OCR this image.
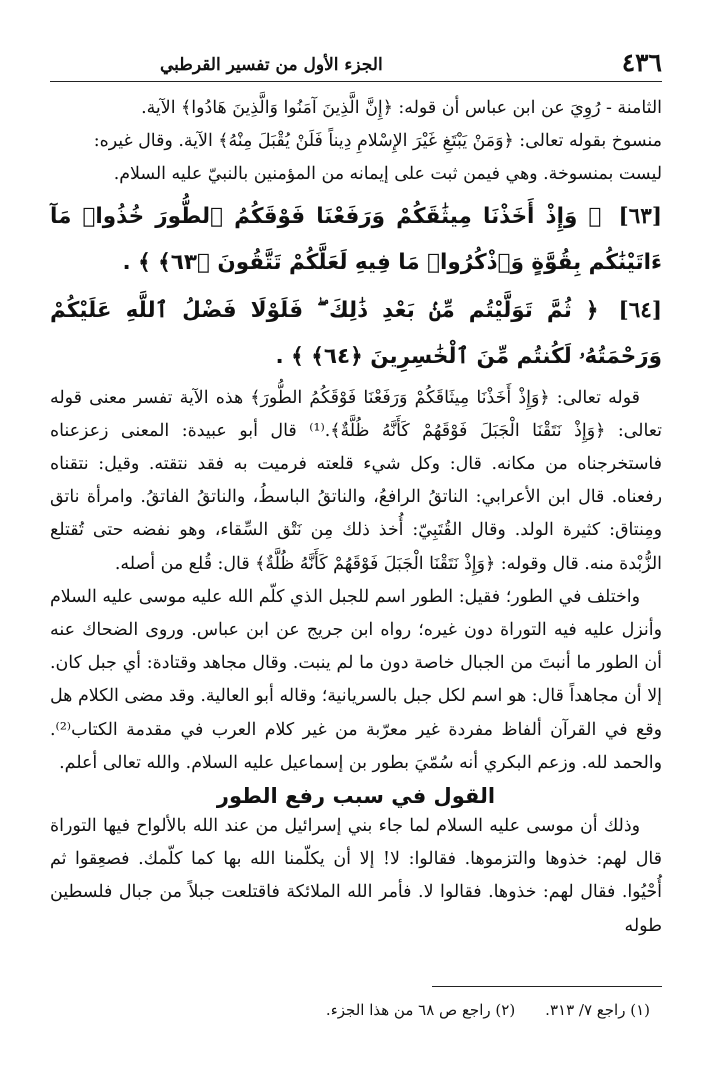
٤٣٦
الجزء الأول من تفسير القرطبي

الثامنة - رُوِيَ عن ابن عباس أن قوله: ﴿إِنَّ الَّذِينَ آمَنُوا وَالَّذِينَ هَادُوا﴾ الآية.

منسوخ بقوله تعالى: ﴿وَمَنْ يَبْتَغِ غَيْرَ الإِسْلامِ دِيناً فَلَنْ يُقْبَلَ مِنْهُ﴾ الآية. وقال غيره:

ليست بمنسوخة. وهي فيمن ثبت على إيمانه من المؤمنين بالنبيّ عليه السلام.

[٦٣] ﴿ وَإِذْ أَخَذْنَا مِيثَٰقَكُمْ وَرَفَعْنَا فَوْقَكُمُ ٱلطُّورَ خُذُوا۟ مَآ ءَاتَيْنَٰكُم بِقُوَّةٍ وَٱذْكُرُوا۟ مَا فِيهِ لَعَلَّكُمْ تَتَّقُونَ ﴿٦٣﴾ ﴾ .

[٦٤] ﴿ ثُمَّ تَوَلَّيْتُم مِّنۢ بَعْدِ ذَٰلِكَ ۖ فَلَوْلَا فَضْلُ ٱللَّهِ عَلَيْكُمْ وَرَحْمَتُهُۥ لَكُنتُم مِّنَ ٱلْخَٰسِرِينَ ﴿٦٤﴾ ﴾ .

قوله تعالى: ﴿وَإِذْ أَخَذْنَا مِيثَاقَكُمْ وَرَفَعْنَا فَوْقَكُمُ الطُّورَ﴾ هذه الآية تفسر معنى قوله تعالى: ﴿وَإِذْ نَتَقْنَا الْجَبَلَ فَوْقَهُمْ كَأَنَّهُ ظُلَّةٌ﴾.⁽¹⁾ قال أبو عبيدة: المعنى زعزعناه فاستخرجناه من مكانه. قال: وكل شيء قلعته فرميت به فقد نتقته. وقيل: نتقناه رفعناه. قال ابن الأعرابي: الناتقُ الرافعُ، والناتقُ الباسطُ، والناتقُ الفاتقُ. وامرأة ناتق ومِنتاق: كثيرة الولد. وقال القُتَبِيّ: أُخذ ذلك مِن نَتْق السِّقاء، وهو نفضه حتى تُقتلع الزُّبْدة منه. قال وقوله: ﴿وَإِذْ نَتَقْنَا الْجَبَلَ فَوْقَهُمْ كَأَنَّهُ ظُلَّةٌ﴾ قال: قُلع من أصله.

واختلف في الطور؛ فقيل: الطور اسم للجبل الذي كلّم الله عليه موسى عليه السلام وأنزل عليه فيه التوراة دون غيره؛ رواه ابن جريج عن ابن عباس. وروى الضحاك عنه أن الطور ما أنبتَ من الجبال خاصة دون ما لم ينبت. وقال مجاهد وقتادة: أي جبل كان. إلا أن مجاهداً قال: هو اسم لكل جبل بالسريانية؛ وقاله أبو العالية. وقد مضى الكلام هل وقع في القرآن ألفاظ مفردة غير معرّبة من غير كلام العرب في مقدمة الكتاب⁽²⁾. والحمد لله. وزعم البكري أنه سُمّيَ بطور بن إسماعيل عليه السلام. والله تعالى أعلم.

القول في سبب رفع الطور

وذلك أن موسى عليه السلام لما جاء بني إسرائيل من عند الله بالألواح فيها التوراة قال لهم: خذوها والتزموها. فقالوا: لا! إلا أن يكلّمنا الله بها كما كلّمك. فصعِقوا ثم أُحْيُوا. فقال لهم: خذوها. فقالوا لا. فأمر الله الملائكة فاقتلعت جبلاً من جبال فلسطين طوله

(١) راجع ٧/ ٣١٣.
(٢) راجع ص ٦٨ من هذا الجزء.
